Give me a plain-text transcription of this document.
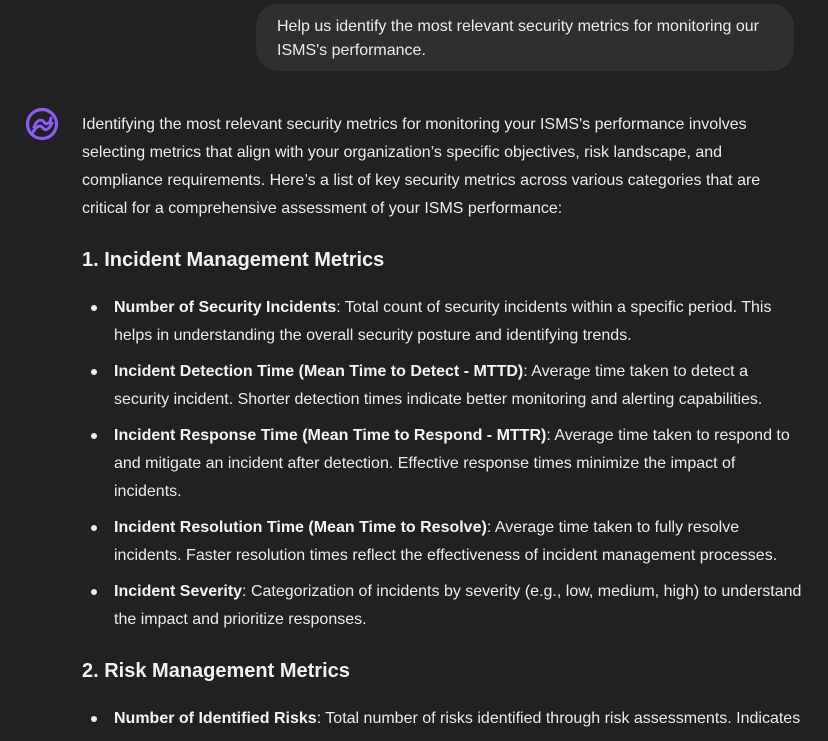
Help us identify the most relevant security metrics for monitoring our ISMS's performance.

Identifying the most relevant security metrics for monitoring your ISMS's performance involves selecting metrics that align with your organization’s specific objectives, risk landscape, and compliance requirements. Here’s a list of key security metrics across various categories that are critical for a comprehensive assessment of your ISMS performance:

1. Incident Management Metrics
Number of Security Incidents: Total count of security incidents within a specific period. This helps in understanding the overall security posture and identifying trends.
Incident Detection Time (Mean Time to Detect - MTTD): Average time taken to detect a security incident. Shorter detection times indicate better monitoring and alerting capabilities.
Incident Response Time (Mean Time to Respond - MTTR): Average time taken to respond to and mitigate an incident after detection. Effective response times minimize the impact of incidents.
Incident Resolution Time (Mean Time to Resolve): Average time taken to fully resolve incidents. Faster resolution times reflect the effectiveness of incident management processes.
Incident Severity: Categorization of incidents by severity (e.g., low, medium, high) to understand the impact and prioritize responses.
2. Risk Management Metrics
Number of Identified Risks: Total number of risks identified through risk assessments. Indicates
